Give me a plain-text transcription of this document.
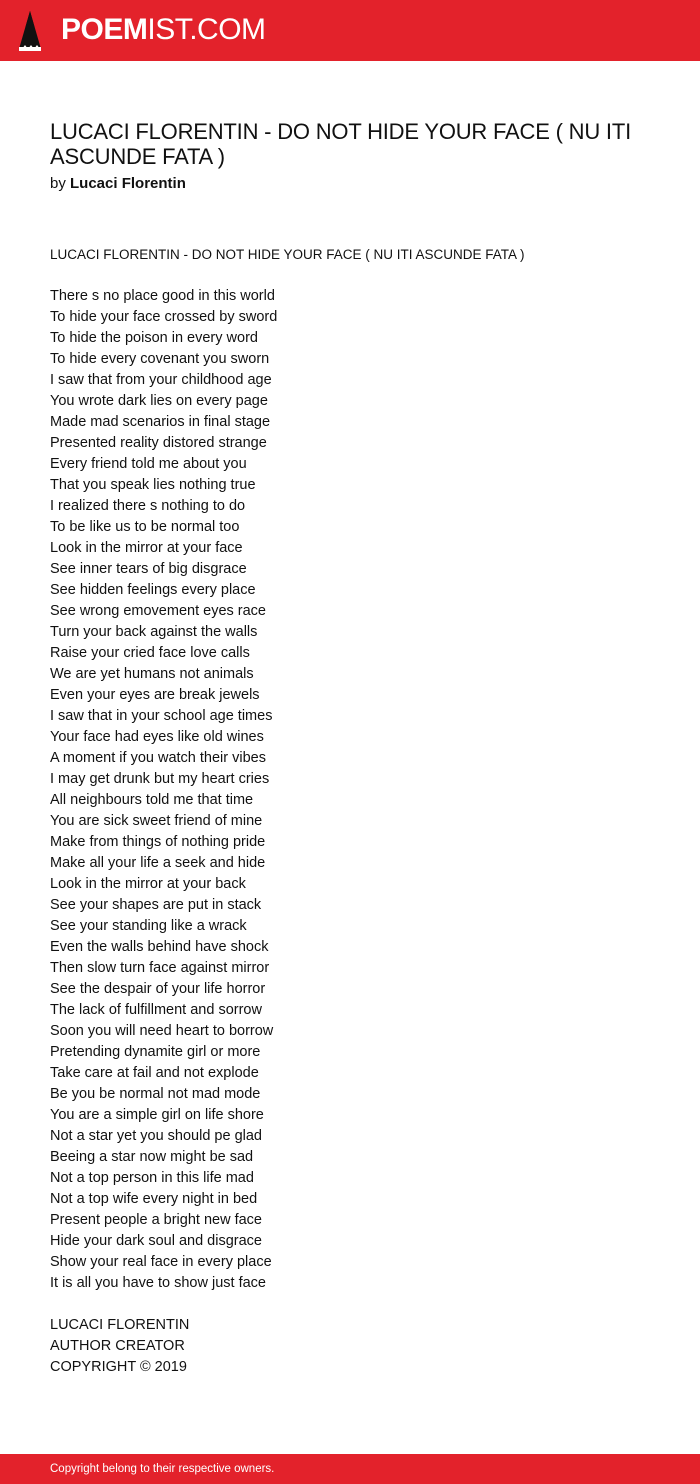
POEMIST.COM
LUCACI FLORENTIN - DO NOT HIDE YOUR FACE ( NU ITI ASCUNDE FATA )
by Lucaci Florentin
LUCACI FLORENTIN - DO NOT HIDE YOUR FACE ( NU ITI ASCUNDE FATA )
There s no place good in this world
To hide your face crossed by sword
To hide the poison in every word
To hide every covenant you sworn
I saw that from your childhood age
You wrote dark lies on every page
Made mad scenarios in final stage
Presented reality distored strange
Every friend told me about you
That you speak lies nothing true
I realized there s nothing to do
To be like us to be normal too
Look in the mirror at your face
See inner tears of big disgrace
See hidden feelings every place
See wrong emovement eyes race
Turn your back against the walls
Raise your cried face love calls
We are yet humans not animals
Even your eyes are break jewels
I saw that in your school age times
Your face had eyes like old wines
A moment if you watch their vibes
I may get drunk but my heart cries
All neighbours told me that time
You are sick sweet friend of mine
Make from things of nothing pride
Make all your life a seek and hide
Look in the mirror at your back
See your shapes are put in stack
See your standing like a wrack
Even the walls behind have shock
Then slow turn face against mirror
See the despair of your life horror
The lack of fulfillment and sorrow
Soon you will need heart to borrow
Pretending dynamite girl or more
Take care at fail and not explode
Be you be normal not mad mode
You are a simple girl on life shore
Not a star yet you should pe glad
Beeing a star now might be sad
Not a top person in this life mad
Not a top wife every night in bed
Present people a bright new face
Hide your dark soul and disgrace
Show your real face in every place
It is all you have to show just face
LUCACI FLORENTIN
AUTHOR CREATOR
COPYRIGHT © 2019
Copyright belong to their respective owners.
